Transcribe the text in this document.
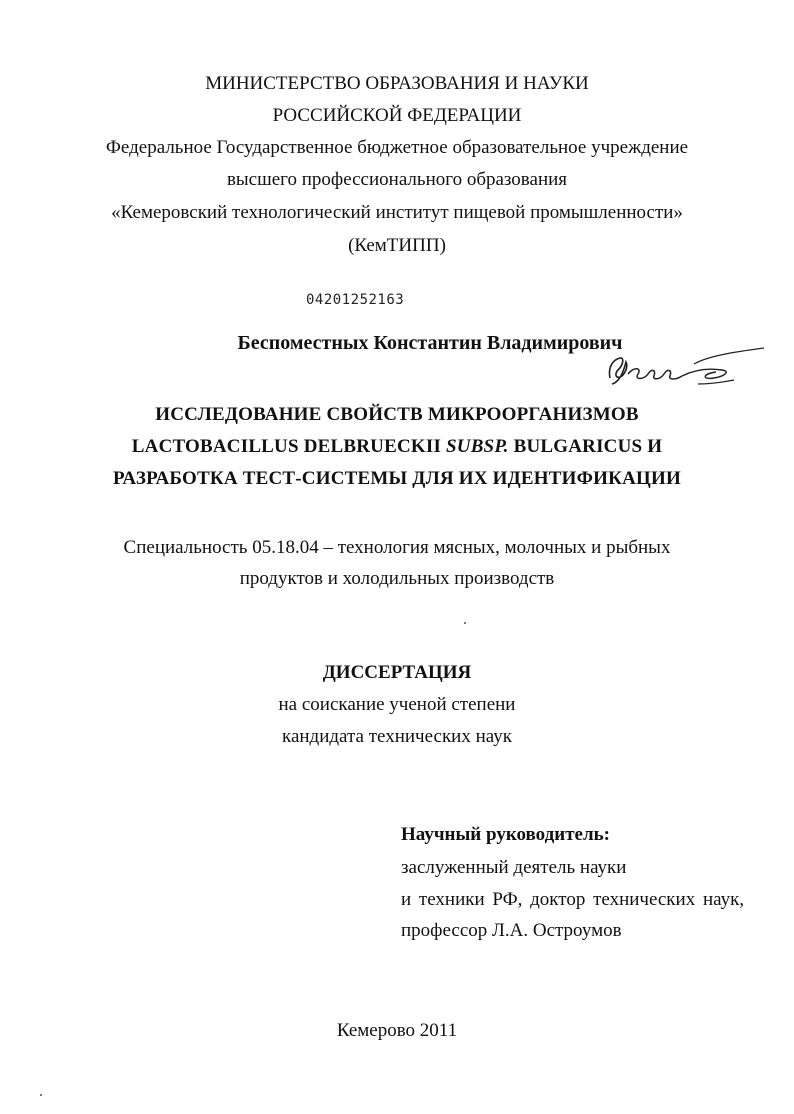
МИНИСТЕРСТВО ОБРАЗОВАНИЯ И НАУКИ
РОССИЙСКОЙ ФЕДЕРАЦИИ
Федеральное Государственное бюджетное образовательное учреждение
высшего профессионального образования
«Кемеровский технологический институт пищевой промышленности»
(КемТИПП)
04201252163
Беспоместных Константин Владимирович
ИССЛЕДОВАНИЕ СВОЙСТВ МИКРООРГАНИЗМОВ
LACTOBACILLUS DELBRUECKII SUBSP. BULGARICUS И
РАЗРАБОТКА ТЕСТ-СИСТЕМЫ ДЛЯ ИХ ИДЕНТИФИКАЦИИ
Специальность 05.18.04 – технология мясных, молочных и рыбных
продуктов и холодильных производств
ДИССЕРТАЦИЯ
на соискание ученой степени
кандидата технических наук
Научный руководитель:
заслуженный деятель науки
и техники РФ, доктор технических наук,
профессор Л.А. Остроумов
Кемерово 2011
